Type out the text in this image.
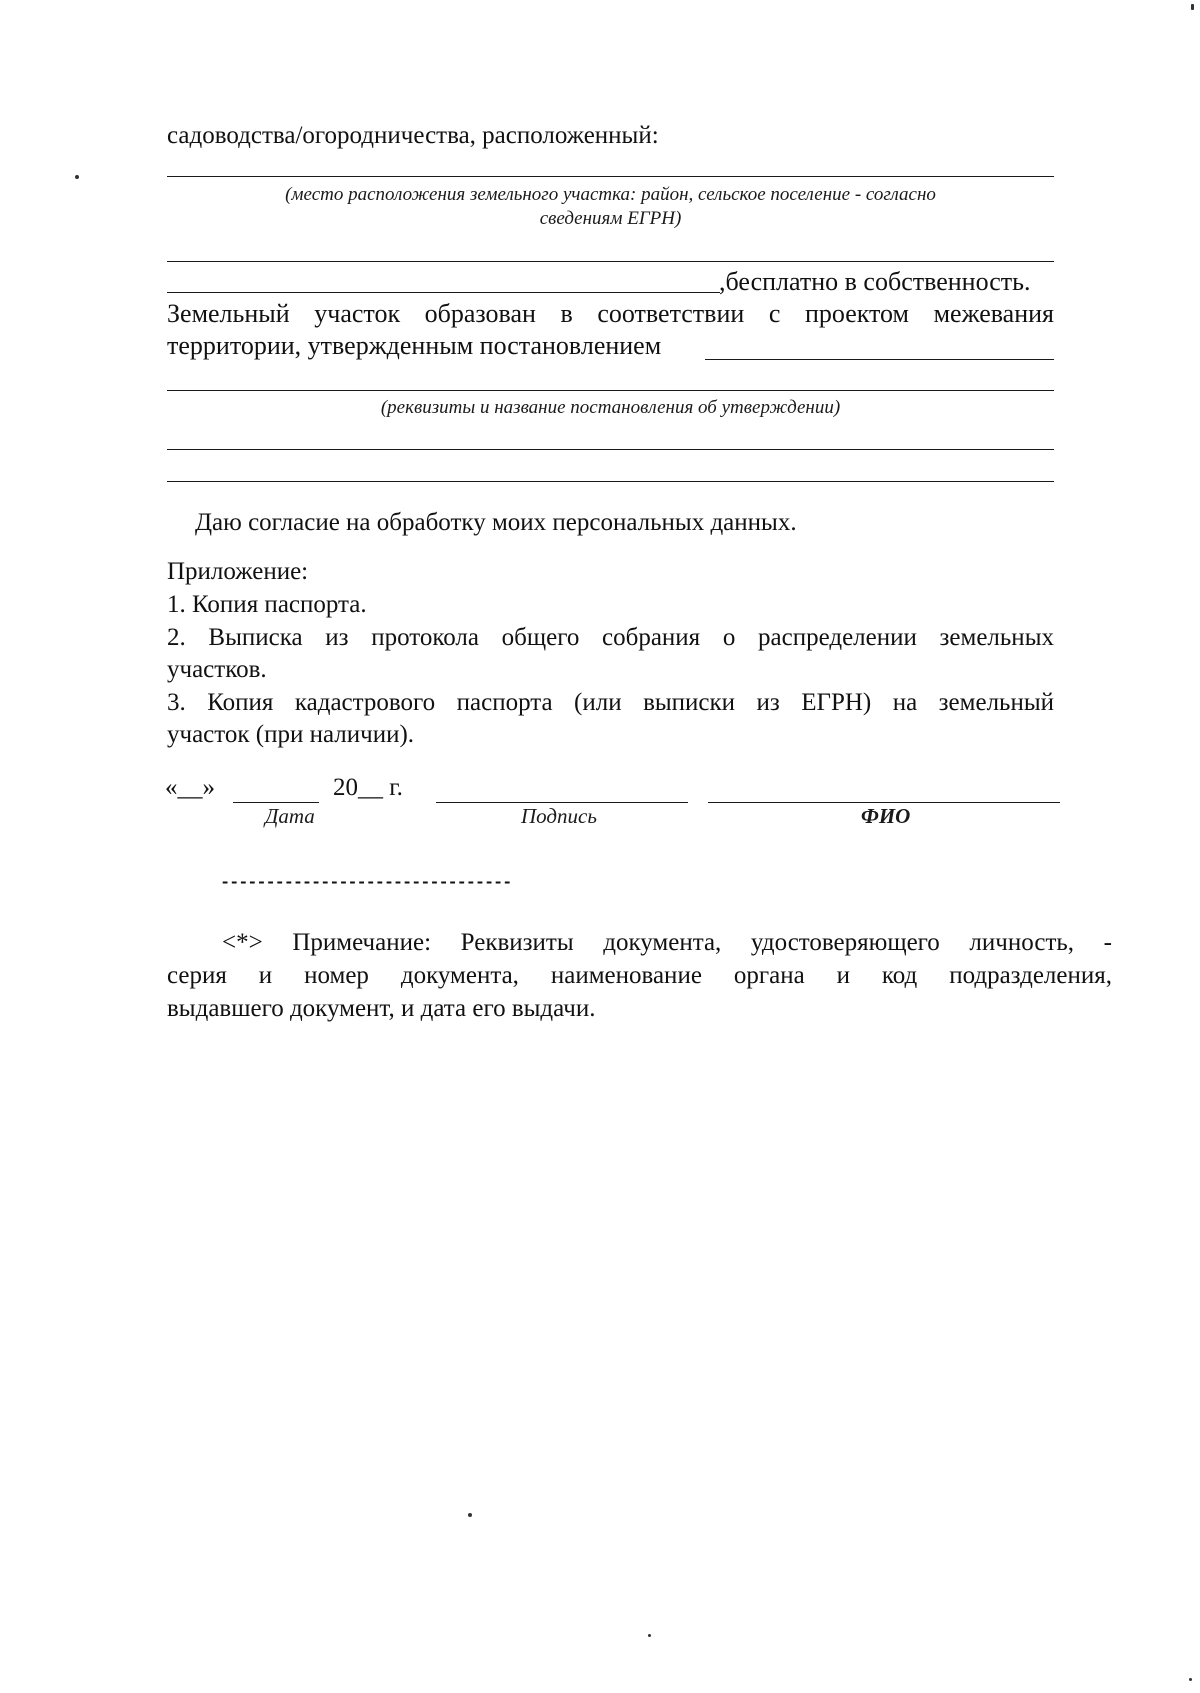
садоводства/огородничества, расположенный:
(место расположения земельного участка: район, сельское поселение - согласно
сведениям ЕГРН)
,бесплатно в собственность.
Земельный участок образован в соответствии с проектом межевания
территории, утвержденным постановлением
(реквизиты и название постановления об утверждении)
Даю согласие на обработку моих персональных данных.
Приложение:
1. Копия паспорта.
2. Выписка из протокола общего собрания о распределении земельных
участков.
3. Копия кадастрового паспорта (или выписки из ЕГРН) на земельный
участок (при наличии).
«__»	20__ г.
Дата	Подпись	ФИО
--------------------------------
<*> Примечание: Реквизиты документа, удостоверяющего личность, -
серия и номер документа, наименование органа и код подразделения,
выдавшего документ, и дата его выдачи.
